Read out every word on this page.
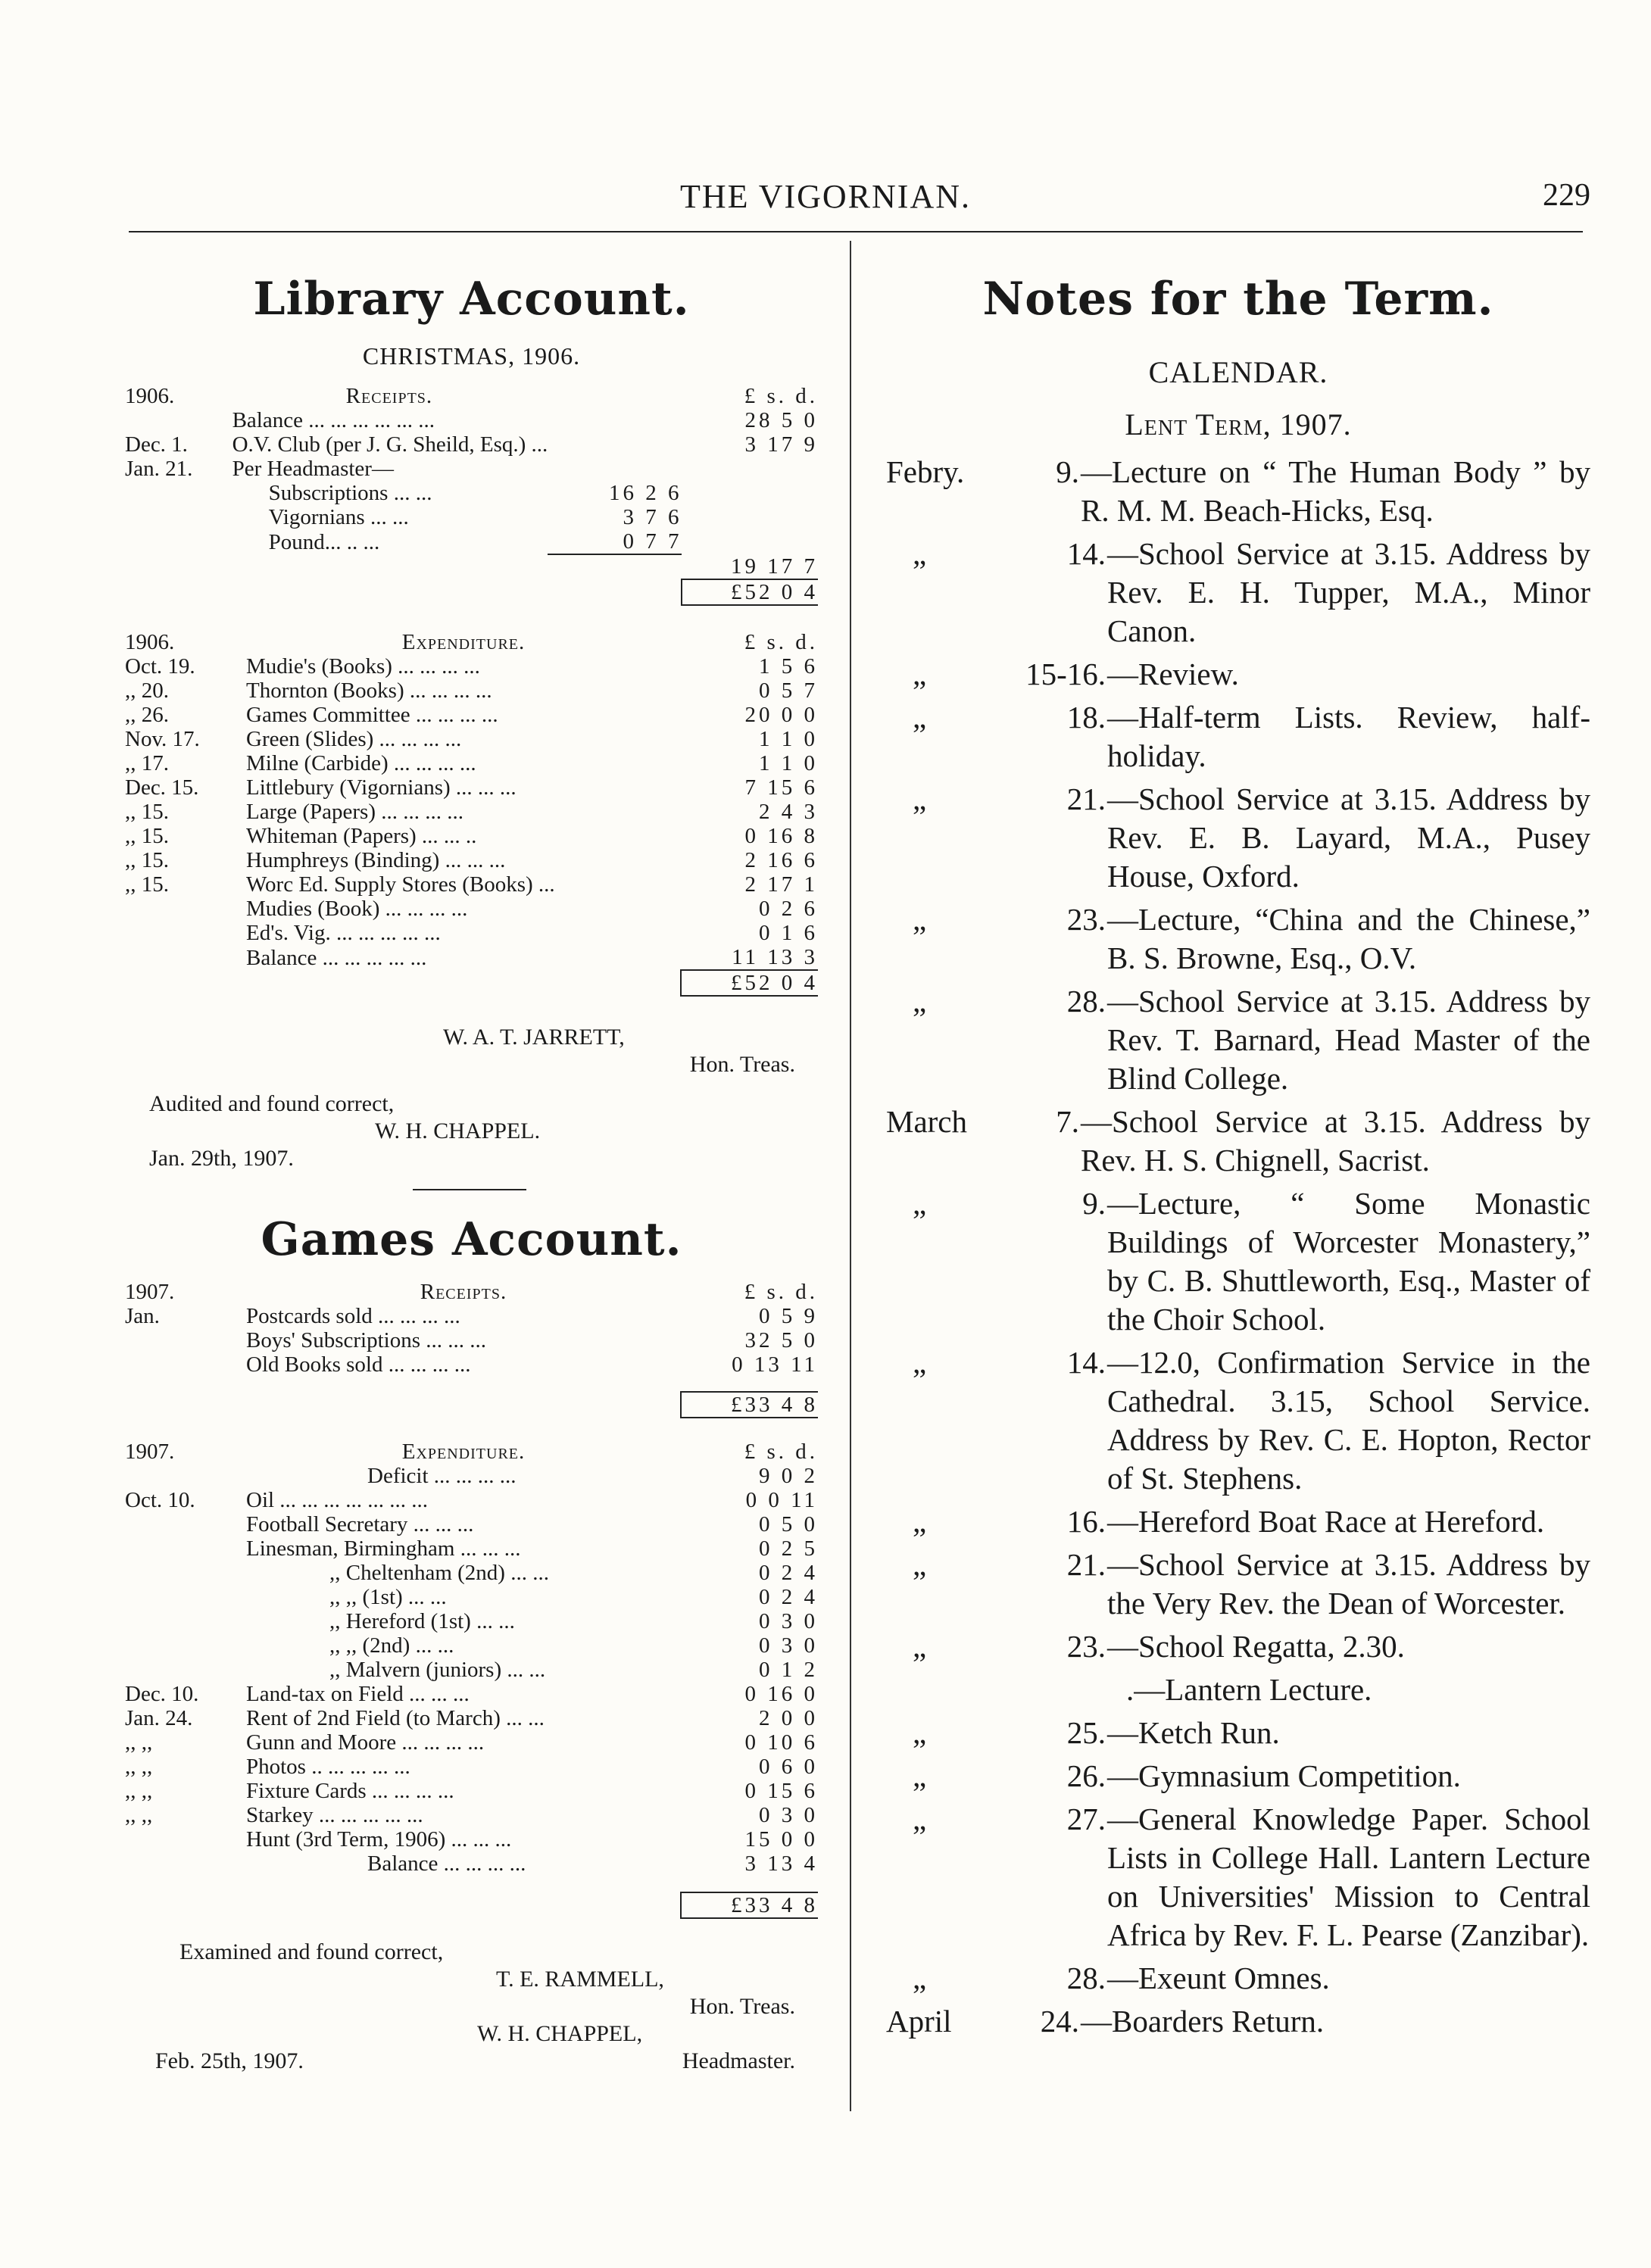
THE VIGORNIAN.	229
Library Account.
CHRISTMAS, 1906.
1906.	Receipts.		£ s. d.
	Balance ... ... ... ... ... ...		28 5 0
Dec. 1.	O.V. Club (per J. G. Sheild, Esq.) ...		3 17 9
Jan. 21.	Per Headmaster—		
	Subscriptions ... ...	16 2 6	
	Vigornians ... ...	3 7 6	
	Pound... .. ...	0 7 7	
			19 17 7
			£52 0 4
1906.	Expenditure.	£ s. d.
Oct. 19.	Mudie's (Books) ... ... ... ...	1 5 6
,, 20.	Thornton (Books) ... ... ... ...	0 5 7
,, 26.	Games Committee ... ... ... ...	20 0 0
Nov. 17.	Green (Slides) ... ... ... ...	1 1 0
,, 17.	Milne (Carbide) ... ... ... ...	1 1 0
Dec. 15.	Littlebury (Vigornians) ... ... ...	7 15 6
,, 15.	Large (Papers) ... ... ... ...	2 4 3
,, 15.	Whiteman (Papers) ... ... ..	0 16 8
,, 15.	Humphreys (Binding) ... ... ...	2 16 6
,, 15.	Worc Ed. Supply Stores (Books) ...	2 17 1
	Mudies (Book) ... ... ... ...	0 2 6
	Ed's. Vig. ... ... ... ... ...	0 1 6
	Balance ... ... ... ... ...	11 13 3
		£52 0 4
W. A. T. JARRETT,
Hon. Treas.
Audited and found correct,
W. H. CHAPPEL.
Jan. 29th, 1907.
Games Account.
1907.	Receipts.	£ s. d.
Jan.	Postcards sold ... ... ... ...	0 5 9
	Boys' Subscriptions ... ... ...	32 5 0
	Old Books sold ... ... ... ...	0 13 11

		£33 4 8
1907.	Expenditure.	£ s. d.
	Deficit ... ... ... ...	9 0 2
Oct. 10.	Oil ... ... ... ... ... ... ...	0 0 11
	Football Secretary ... ... ...	0 5 0
	Linesman, Birmingham ... ... ...	0 2 5
	,, Cheltenham (2nd) ... ...	0 2 4
	,, ,, (1st) ... ...	0 2 4
	,, Hereford (1st) ... ...	0 3 0
	,, ,, (2nd) ... ...	0 3 0
	,, Malvern (juniors) ... ...	0 1 2
Dec. 10.	Land-tax on Field ... ... ...	0 16 0
Jan. 24.	Rent of 2nd Field (to March) ... ...	2 0 0
,, ,,	Gunn and Moore ... ... ... ...	0 10 6
,, ,,	Photos .. ... ... ... ...	0 6 0
,, ,,	Fixture Cards ... ... ... ...	0 15 6
,, ,,	Starkey ... ... ... ... ...	0 3 0
	Hunt (3rd Term, 1906) ... ... ...	15 0 0
	Balance ... ... ... ...	3 13 4

		£33 4 8
Examined and found correct,
T. E. RAMMELL,
Hon. Treas.
W. H. CHAPPEL,
Feb. 25th, 1907.	Headmaster.
Notes for the Term.
CALENDAR.
Lent Term, 1907.
Febry.	9. —Lecture on “ The Human Body ” by R. M. M. Beach-Hicks, Esq.
„	14. —School Service at 3.15. Address by Rev. E. H. Tupper, M.A., Minor Canon.
„	15-16. —Review.
„	18. —Half-term Lists. Review, half-holiday.
„	21. —School Service at 3.15. Address by Rev. E. B. Layard, M.A., Pusey House, Oxford.
„	23. —Lecture, “China and the Chinese,” B. S. Browne, Esq., O.V.
„	28. —School Service at 3.15. Address by Rev. T. Barnard, Head Master of the Blind College.
March	7. —School Service at 3.15. Address by Rev. H. S. Chignell, Sacrist.
„	9. —Lecture, “ Some Monastic Buildings of Worcester Monastery,” by C. B. Shuttleworth, Esq., Master of the Choir School.
„	14. —12.0, Confirmation Service in the Cathedral. 3.15, School Service. Address by Rev. C. E. Hopton, Rector of St. Stephens.
„	16. —Hereford Boat Race at Hereford.
„	21. —School Service at 3.15. Address by the Very Rev. the Dean of Worcester.
„	23. —School Regatta, 2.30.
.—Lantern Lecture.
„	25. —Ketch Run.
„	26. —Gymnasium Competition.
„	27. —General Knowledge Paper. School Lists in College Hall. Lantern Lecture on Universities' Mission to Central Africa by Rev. F. L. Pearse (Zanzibar).
„	28. —Exeunt Omnes.
April	24. —Boarders Return.
